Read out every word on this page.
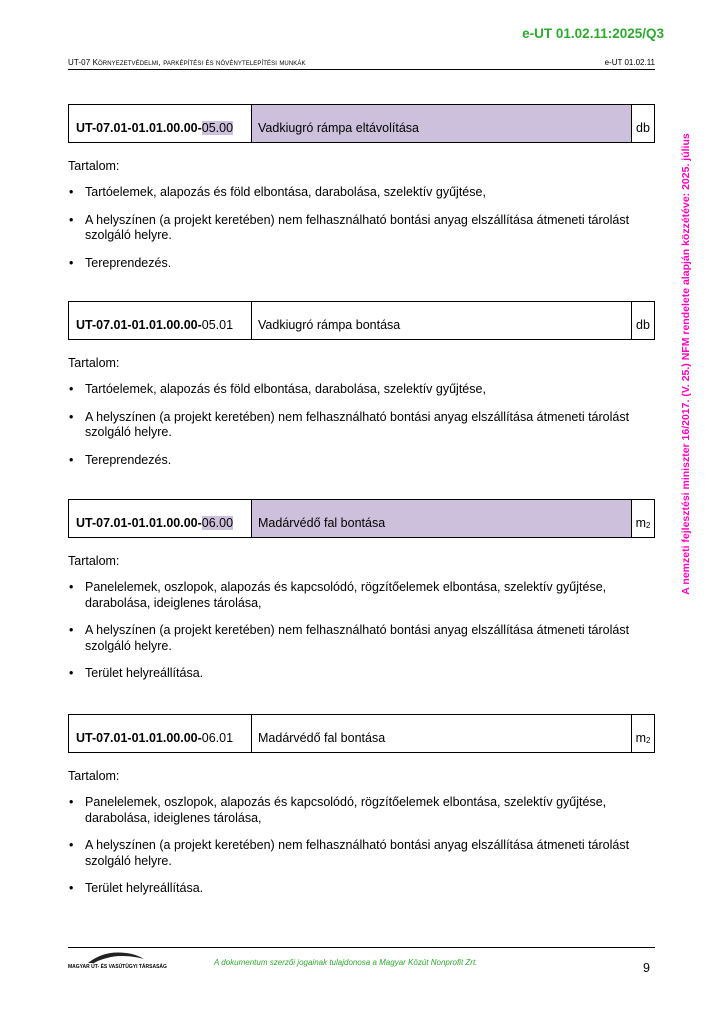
e-UT 01.02.11:2025/Q3
UT-07 Környezetvédelmi, parképítési és növénytelepítési munkák	e-UT 01.02.11
A nemzeti fejlesztési miniszter 16/2017. (V. 25.) NFM rendelete alapján közzétéve: 2025. július
UT-07.01-01.01.00.00- 05.00	Vadkiugró rámpa eltávolítása	db
Tartalom:
• Tartóelemek, alapozás és föld elbontása, darabolása, szelektív gyűjtése,
• A helyszínen (a projekt keretében) nem felhasználható bontási anyag elszállítása átmeneti tárolást szolgáló helyre.
• Tereprendezés.
UT-07.01-01.01.00.00- 05.01	Vadkiugró rámpa bontása	db
Tartalom:
• Tartóelemek, alapozás és föld elbontása, darabolása, szelektív gyűjtése,
• A helyszínen (a projekt keretében) nem felhasználható bontási anyag elszállítása átmeneti tárolást szolgáló helyre.
• Tereprendezés.
UT-07.01-01.01.00.00- 06.00	Madárvédő fal bontása	$m_2$
Tartalom:
• Panelelemek, oszlopok, alapozás és kapcsolódó, rögzítőelemek elbontása, szelektív gyűjtése, darabolása, ideiglenes tárolása,
• A helyszínen (a projekt keretében) nem felhasználható bontási anyag elszállítása átmeneti tárolást szolgáló helyre.
• Terület helyreállítása.
UT-07.01-01.01.00.00- 06.01	Madárvédő fal bontása	$m_2$
Tartalom:
• Panelelemek, oszlopok, alapozás és kapcsolódó, rögzítőelemek elbontása, szelektív gyűjtése, darabolása, ideiglenes tárolása,
• A helyszínen (a projekt keretében) nem felhasználható bontási anyag elszállítása átmeneti tárolást szolgáló helyre.
• Terület helyreállítása.
MAGYAR ÚT- ÉS VASÚTÜGYI TÁRSASÁG	A dokumentum szerzői jogainak tulajdonosa a Magyar Közút Nonprofit Zrt.	9
